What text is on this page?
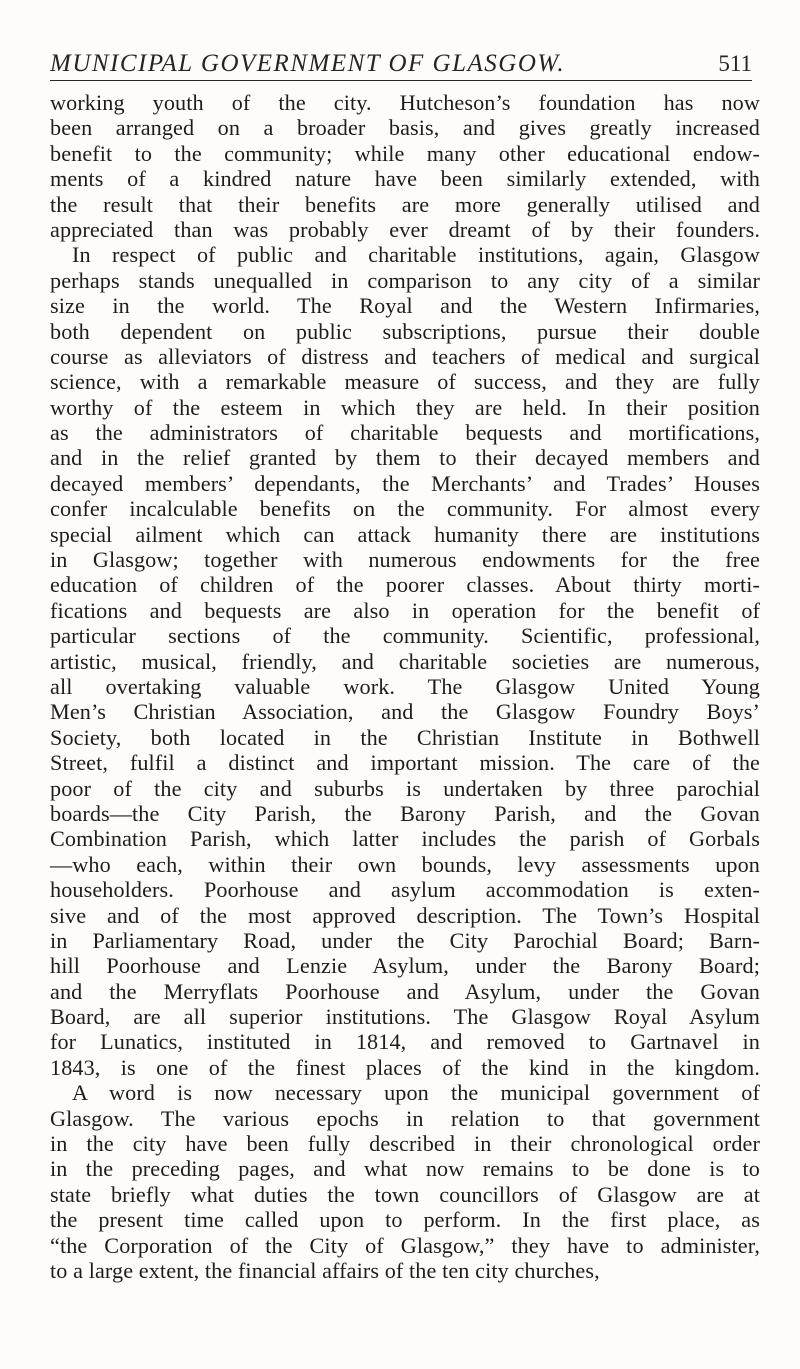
MUNICIPAL GOVERNMENT OF GLASGOW.	511
working youth of the city. Hutcheson’s foundation has now
been arranged on a broader basis, and gives greatly increased
benefit to the community; while many other educational endow-
ments of a kindred nature have been similarly extended, with
the result that their benefits are more generally utilised and
appreciated than was probably ever dreamt of by their founders.
In respect of public and charitable institutions, again, Glasgow
perhaps stands unequalled in comparison to any city of a similar
size in the world. The Royal and the Western Infirmaries,
both dependent on public subscriptions, pursue their double
course as alleviators of distress and teachers of medical and surgical
science, with a remarkable measure of success, and they are fully
worthy of the esteem in which they are held. In their position
as the administrators of charitable bequests and mortifications,
and in the relief granted by them to their decayed members and
decayed members’ dependants, the Merchants’ and Trades’ Houses
confer incalculable benefits on the community. For almost every
special ailment which can attack humanity there are institutions
in Glasgow; together with numerous endowments for the free
education of children of the poorer classes. About thirty morti-
fications and bequests are also in operation for the benefit of
particular sections of the community. Scientific, professional,
artistic, musical, friendly, and charitable societies are numerous,
all overtaking valuable work. The Glasgow United Young
Men’s Christian Association, and the Glasgow Foundry Boys’
Society, both located in the Christian Institute in Bothwell
Street, fulfil a distinct and important mission. The care of the
poor of the city and suburbs is undertaken by three parochial
boards—the City Parish, the Barony Parish, and the Govan
Combination Parish, which latter includes the parish of Gorbals
—who each, within their own bounds, levy assessments upon
householders. Poorhouse and asylum accommodation is exten-
sive and of the most approved description. The Town’s Hospital
in Parliamentary Road, under the City Parochial Board; Barn-
hill Poorhouse and Lenzie Asylum, under the Barony Board;
and the Merryflats Poorhouse and Asylum, under the Govan
Board, are all superior institutions. The Glasgow Royal Asylum
for Lunatics, instituted in 1814, and removed to Gartnavel in
1843, is one of the finest places of the kind in the kingdom.
A word is now necessary upon the municipal government of
Glasgow. The various epochs in relation to that government
in the city have been fully described in their chronological order
in the preceding pages, and what now remains to be done is to
state briefly what duties the town councillors of Glasgow are at
the present time called upon to perform. In the first place, as
“the Corporation of the City of Glasgow,” they have to administer,
to a large extent, the financial affairs of the ten city churches,
